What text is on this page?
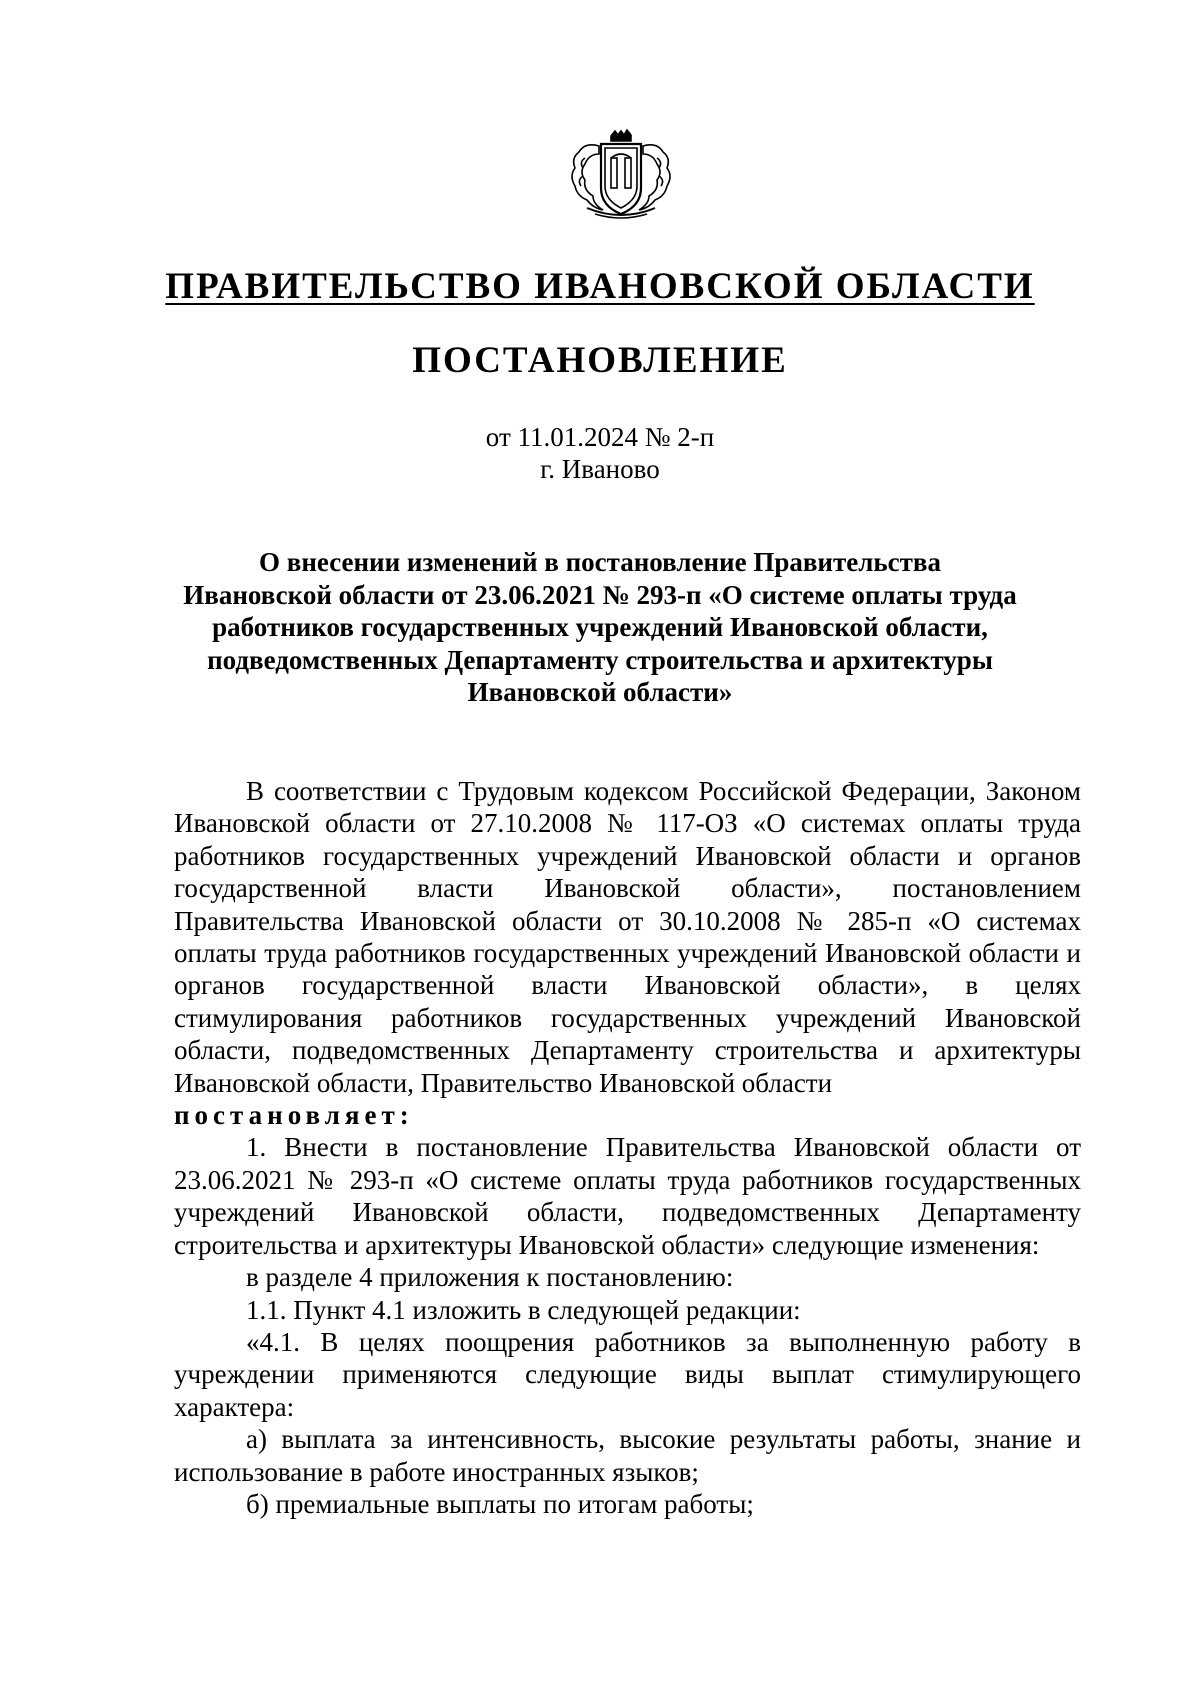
ПРАВИТЕЛЬСТВО ИВАНОВСКОЙ ОБЛАСТИ
ПОСТАНОВЛЕНИЕ
от 11.01.2024 № 2-п
г. Иваново
О внесении изменений в постановление Правительства
Ивановской области от 23.06.2021 № 293-п «О системе оплаты труда
работников государственных учреждений Ивановской области,
подведомственных Департаменту строительства и архитектуры
Ивановской области»

В соответствии с Трудовым кодексом Российской Федерации, Законом Ивановской области от 27.10.2008 № 117-ОЗ «О системах оплаты труда работников государственных учреждений Ивановской области и органов государственной власти Ивановской области», постановлением Правительства Ивановской области от 30.10.2008 № 285-п «О системах оплаты труда работников государственных учреждений Ивановской области и органов государственной власти Ивановской области», в целях стимулирования работников государственных учреждений Ивановской области, подведомственных Департаменту строительства и архитектуры Ивановской области, Правительство Ивановской области

постановляет:

1. Внести в постановление Правительства Ивановской области от 23.06.2021 № 293-п «О системе оплаты труда работников государственных учреждений Ивановской области, подведомственных Департаменту строительства и архитектуры Ивановской области» следующие изменения:

в разделе 4 приложения к постановлению:

1.1. Пункт 4.1 изложить в следующей редакции:

«4.1. В целях поощрения работников за выполненную работу в учреждении применяются следующие виды выплат стимулирующего характера:

а) выплата за интенсивность, высокие результаты работы, знание и использование в работе иностранных языков;

б) премиальные выплаты по итогам работы;
